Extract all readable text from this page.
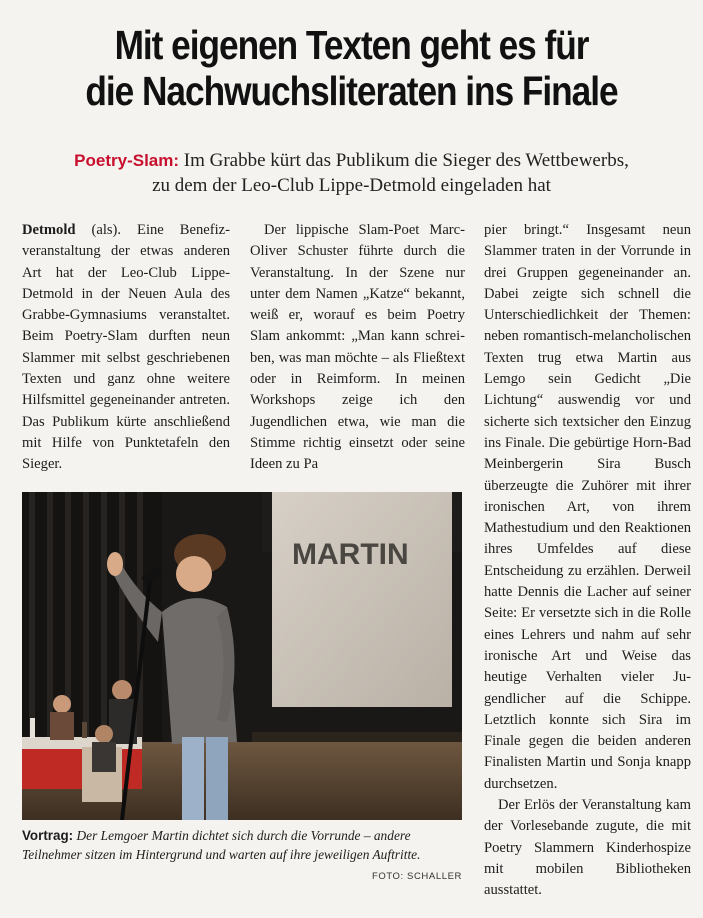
Mit eigenen Texten geht es für
die Nachwuchsliteraten ins Finale
Poetry-Slam: Im Grabbe kürt das Publikum die Sieger des Wettbewerbs,
zu dem der Leo-Club Lippe-Detmold eingeladen hat

Detmold (als). Eine Benefizveranstaltung der etwas anderen Art hat der Leo-Club Lippe-Detmold in der Neuen Aula des Grabbe-Gymnasiums veranstaltet. Beim Poetry-Slam durften neun Slammer mit selbst geschriebenen Texten und ganz ohne weitere Hilfsmittel gegeneinander antreten. Das Publikum kürte anschließend mit Hilfe von Punktetafeln den Sieger.

Der lippische Slam-Poet Marc-Oliver Schuster führte durch die Veranstaltung. In der Szene nur unter dem Namen „Katze“ bekannt, weiß er, worauf es beim Poetry Slam ankommt: „Man kann schreiben, was man möchte – als Fließtext oder in Reimform. In meinen Workshops zeige ich den Jugendlichen etwa, wie man die Stimme richtig einsetzt oder seine Ideen zu Pa

pier bringt.“ Insgesamt neun Slammer traten in der Vorrunde in drei Gruppen gegeneinander an. Dabei zeigte sich schnell die Unterschiedlichkeit der Themen: neben romantisch-melancholischen Texten trug etwa Martin aus Lemgo sein Gedicht „Die Lichtung“ auswendig vor und sicherte sich textsicher den Einzug ins Finale. Die gebürtige Horn-Bad Meinbergerin Sira Busch überzeugte die Zuhörer mit ihrer ironischen Art, von ihrem Mathestudium und den Reaktionen ihres Umfeldes auf diese Entscheidung zu erzählen. Derweil hatte Dennis die Lacher auf seiner Seite: Er versetzte sich in die Rolle eines Lehrers und nahm auf sehr ironische Art und Weise das heutige Verhalten vieler Jugendlicher auf die Schippe. Letztlich konnte sich Sira im Finale gegen die beiden anderen Finalisten Martin und Sonja knapp durchsetzen.

Der Erlös der Veranstaltung kam der Vorlesebande zugute, die mit Poetry Slammern Kinderhospize mit mobilen Bibliotheken ausstattet.

MARTIN
Vortrag: Der Lemgoer Martin dichtet sich durch die Vorrunde – andere Teilnehmer sitzen im Hintergrund und warten auf ihre jeweiligen Auftritte.
FOTO: SCHALLER
